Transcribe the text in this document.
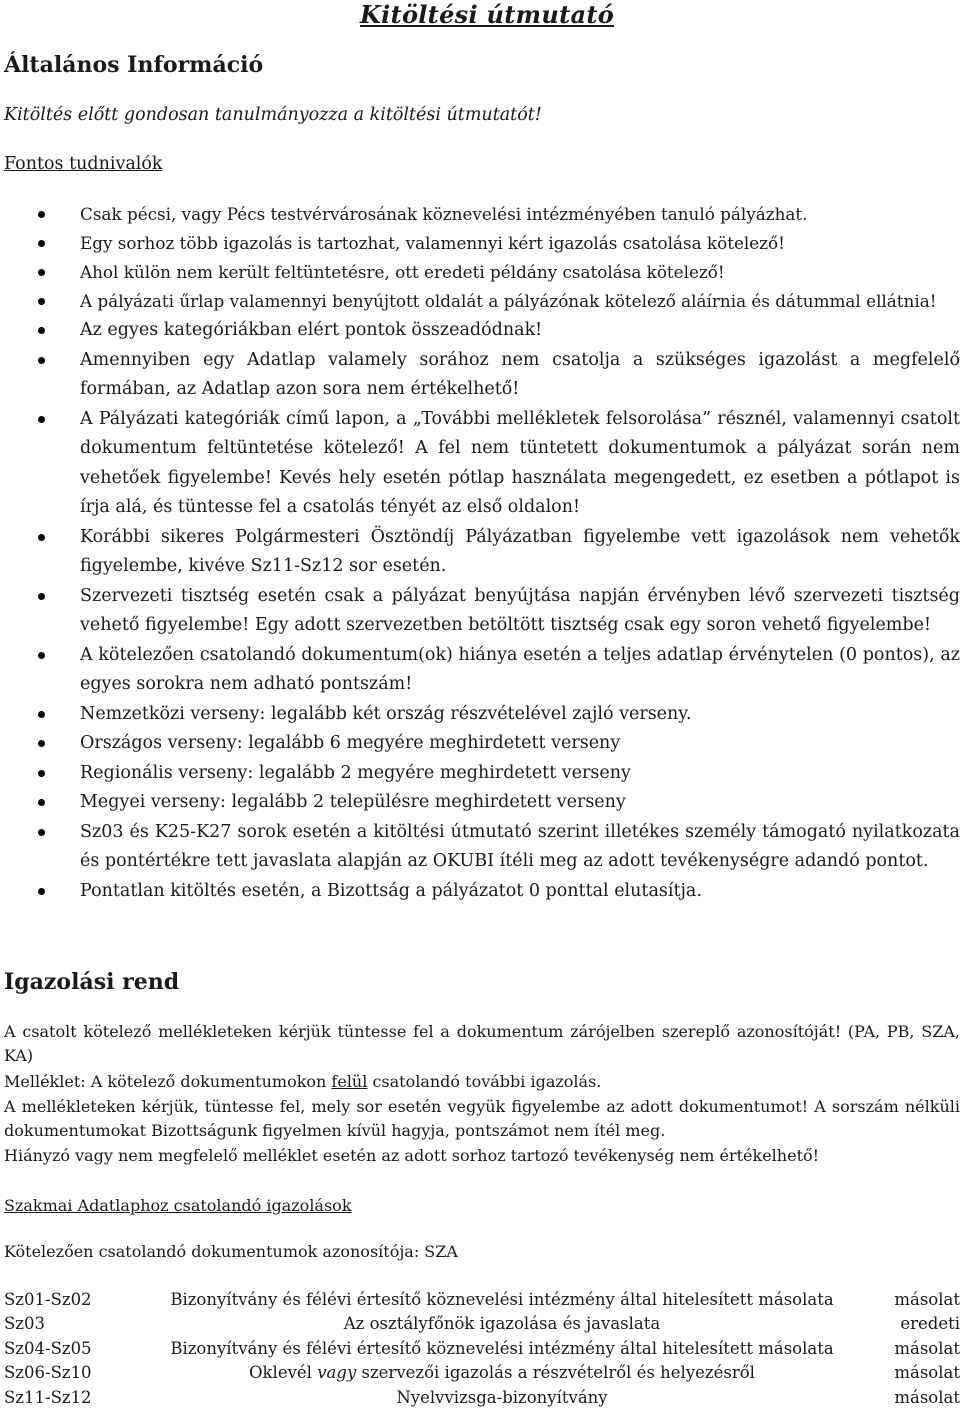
Kitöltési útmutató
Általános Információ

Kitöltés előtt gondosan tanulmányozza a kitöltési útmutatót!

Fontos tudnivalók

Csak pécsi, vagy Pécs testvérvárosának köznevelési intézményében tanuló pályázhat.
Egy sorhoz több igazolás is tartozhat, valamennyi kért igazolás csatolása kötelező!
Ahol külön nem került feltüntetésre, ott eredeti példány csatolása kötelező!
A pályázati űrlap valamennyi benyújtott oldalát a pályázónak kötelező aláírnia és dátummal ellátnia!
Az egyes kategóriákban elért pontok összeadódnak!
Amennyiben egy Adatlap valamely sorához nem csatolja a szükséges igazolást a megfelelő formában, az Adatlap azon sora nem értékelhető!
A Pályázati kategóriák című lapon, a „További mellékletek felsorolása” résznél, valamennyi csatolt dokumentum feltüntetése kötelező! A fel nem tüntetett dokumentumok a pályázat során nem vehetőek figyelembe! Kevés hely esetén pótlap használata megengedett, ez esetben a pótlapot is írja alá, és tüntesse fel a csatolás tényét az első oldalon!
Korábbi sikeres Polgármesteri Ösztöndíj Pályázatban figyelembe vett igazolások nem vehetők figyelembe, kivéve Sz11-Sz12 sor esetén.
Szervezeti tisztség esetén csak a pályázat benyújtása napján érvényben lévő szervezeti tisztség vehető figyelembe! Egy adott szervezetben betöltött tisztség csak egy soron vehető figyelembe!
A kötelezően csatolandó dokumentum(ok) hiánya esetén a teljes adatlap érvénytelen (0 pontos), az egyes sorokra nem adható pontszám!
Nemzetközi verseny: legalább két ország részvételével zajló verseny.
Országos verseny: legalább 6 megyére meghirdetett verseny
Regionális verseny: legalább 2 megyére meghirdetett verseny
Megyei verseny: legalább 2 településre meghirdetett verseny
Sz03 és K25-K27 sorok esetén a kitöltési útmutató szerint illetékes személy támogató nyilatkozata és pontértékre tett javaslata alapján az OKUBI ítéli meg az adott tevékenységre adandó pontot.
Pontatlan kitöltés esetén, a Bizottság a pályázatot 0 ponttal elutasítja.
Igazolási rend

A csatolt kötelező mellékleteken kérjük tüntesse fel a dokumentum zárójelben szereplő azonosítóját! (PA, PB, SZA, KA)

Melléklet: A kötelező dokumentumokon felül csatolandó további igazolás.

A mellékleteken kérjük, tüntesse fel, mely sor esetén vegyük figyelembe az adott dokumentumot! A sorszám nélküli dokumentumokat Bizottságunk figyelmen kívül hagyja, pontszámot nem ítél meg.

Hiányzó vagy nem megfelelő melléklet esetén az adott sorhoz tartozó tevékenység nem értékelhető!

Szakmai Adatlaphoz csatolandó igazolások

Kötelezően csatolandó dokumentumok azonosítója: SZA

Sz01-Sz02	Bizonyítvány és félévi értesítő köznevelési intézmény által hitelesített másolata	másolat
Sz03	Az osztályfőnök igazolása és javaslata	eredeti
Sz04-Sz05	Bizonyítvány és félévi értesítő köznevelési intézmény által hitelesített másolata	másolat
Sz06-Sz10	Oklevél vagy szervezői igazolás a részvételről és helyezésről	másolat
Sz11-Sz12	Nyelvvizsga-bizonyítvány	másolat
